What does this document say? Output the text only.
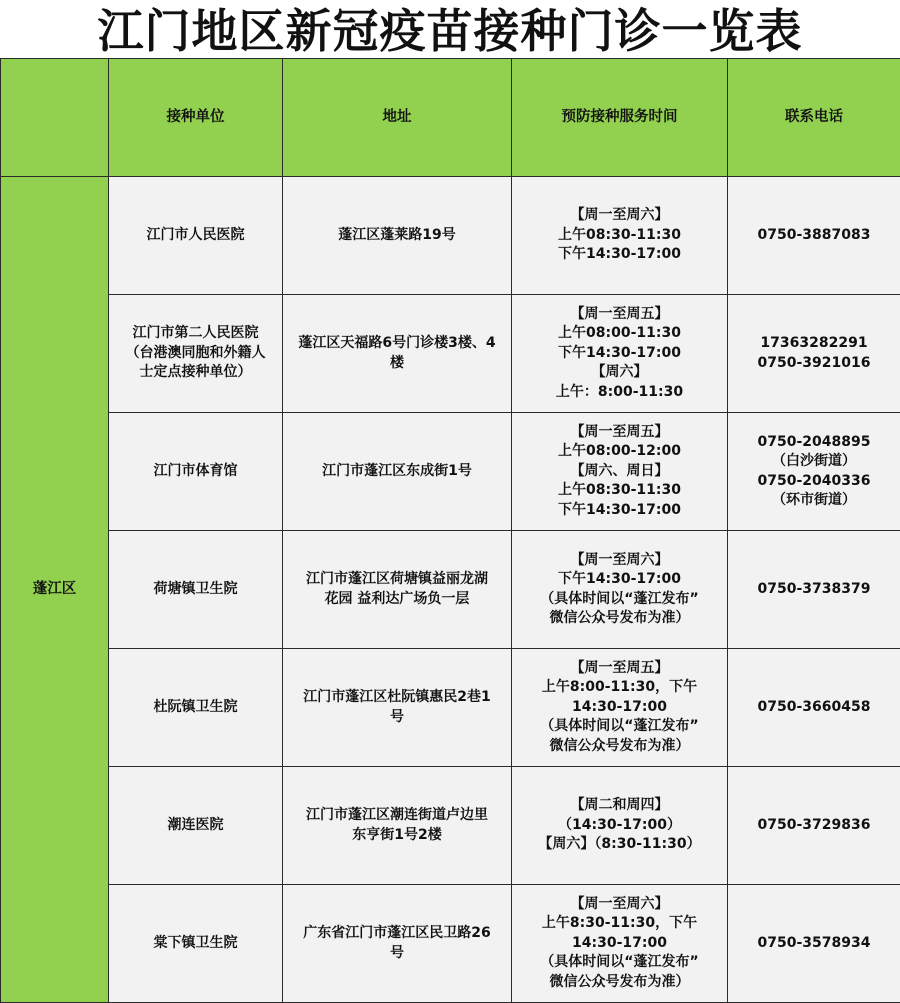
江门地区新冠疫苗接种门诊一览表
	接种单位	地址	预防接种服务时间	联系电话
蓬江区	江门市人民医院	蓬江区蓬莱路19号	【周一至周六】
上午08:30-11:30
下午14:30-17:00	0750-3887083

	江门市第二人民医院
（台港澳同胞和外籍人
士定点接种单位）	蓬江区天福路6号门诊楼3楼、4
楼	【周一至周五】
上午08:00-11:30
下午14:30-17:00
【周六】
上午：8:00-11:30	17363282291
0750-3921016

	江门市体育馆	江门市蓬江区东成街1号	【周一至周五】
上午08:00-12:00
【周六、周日】
上午08:30-11:30
下午14:30-17:00	0750-2048895
（白沙街道）
0750-2040336
（环市街道）

	荷塘镇卫生院	江门市蓬江区荷塘镇益丽龙湖
花园 益利达广场负一层	【周一至周六】
下午14:30-17:00
（具体时间以“蓬江发布”
微信公众号发布为准）	0750-3738379

	杜阮镇卫生院	江门市蓬江区杜阮镇惠民2巷1
号	【周一至周五】
上午8:00-11:30，下午
14:30-17:00
（具体时间以“蓬江发布”
微信公众号发布为准）	0750-3660458

	潮连医院	江门市蓬江区潮连街道卢边里
东亨街1号2楼	【周二和周四】
（14:30-17:00）
【周六】（8:30-11:30）	0750-3729836

	棠下镇卫生院	广东省江门市蓬江区民卫路26
号	【周一至周六】
上午8:30-11:30，下午
14:30-17:00
（具体时间以“蓬江发布”
微信公众号发布为准）	0750-3578934
